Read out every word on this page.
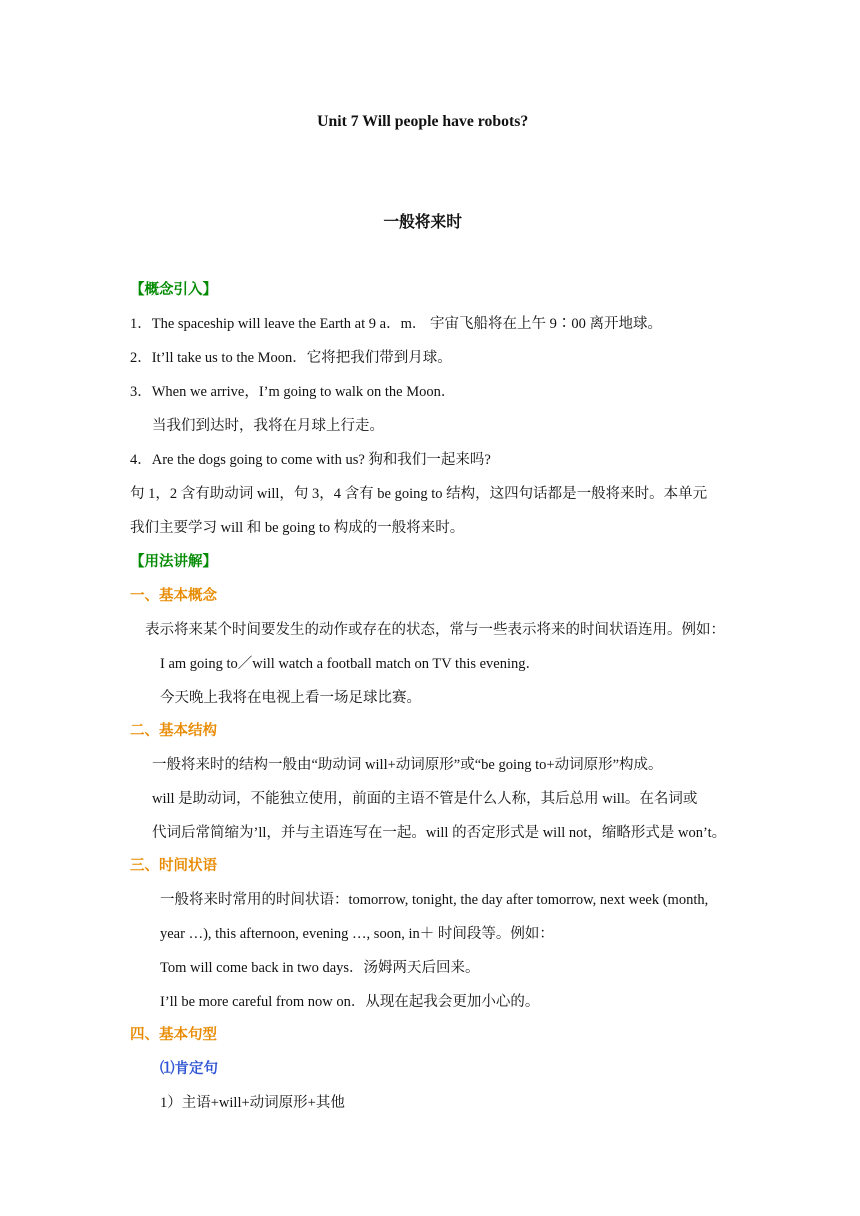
Unit 7 Will people have robots?
一般将来时
【概念引入】
1．The spaceship will leave the Earth at 9 a．m． 宇宙飞船将在上午 9∶00 离开地球。
2．It’ll take us to the Moon．它将把我们带到月球。
3．When we arrive，I’m going to walk on the Moon．
当我们到达时，我将在月球上行走。
4．Are the dogs going to come with us? 狗和我们一起来吗?
句 1，2 含有助动词 will，句 3，4 含有 be going to 结构，这四句话都是一般将来时。本单元
我们主要学习 will 和 be going to 构成的一般将来时。
【用法讲解】
一、基本概念
表示将来某个时间要发生的动作或存在的状态，常与一些表示将来的时间状语连用。例如：
I am going to／will watch a football match on TV this evening．
今天晚上我将在电视上看一场足球比赛。
二、基本结构
一般将来时的结构一般由“助动词 will+动词原形”或“be going to+动词原形”构成。
will 是助动词，不能独立使用，前面的主语不管是什么人称，其后总用 will。在名词或
代词后常简缩为’ll，并与主语连写在一起。will 的否定形式是 will not，缩略形式是 won’t。
三、时间状语
一般将来时常用的时间状语：tomorrow, tonight, the day after tomorrow, next week (month,
year …), this afternoon, evening …, soon, in＋ 时间段等。例如：
Tom will come back in two days．汤姆两天后回来。
I’ll be more careful from now on．从现在起我会更加小心的。
四、基本句型
⑴肯定句
1）主语+will+动词原形+其他
